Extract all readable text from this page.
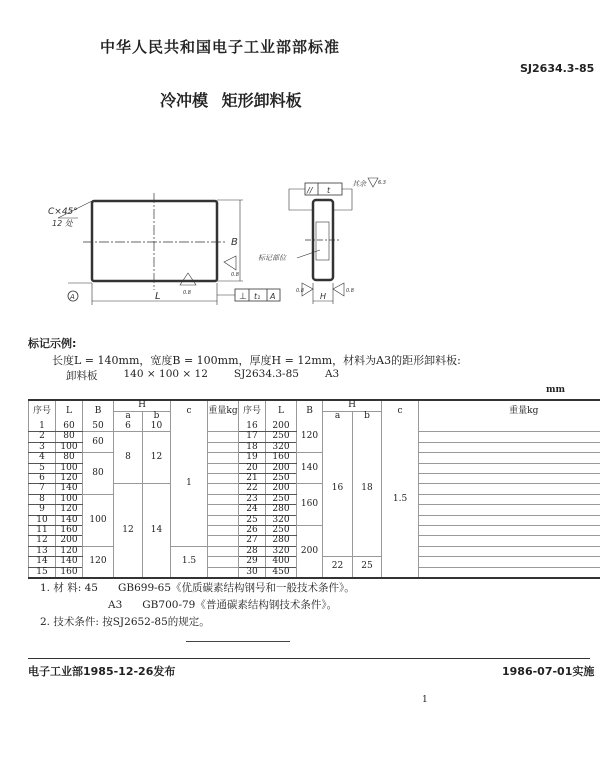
中华人民共和国电子工业部部标准
SJ2634.3-85
冷冲模 矩形卸料板
C×45°
12 处
B
L
A	0.8
0.8
⊥ t₁ A
// t
其余 6.3
标记部位
H
0.8	0.8
标记示例:
长度L = 140mm，宽度B = 100mm，厚度H = 12mm，材料为A3的距形卸料板:
卸料板 140 × 100 × 12 SJ2634.3-85 A3
mm
序号	L	B	H		c	重量kg	序号	L	B	H		c	重量kg
			a	b						a	b		
1	60	50	6	10	1		16	200	120	16	18	1.5	
2	80	60	8	12			17	250					
3	100						18	320					
4	80	80					19	160	140				
5	100						20	200					
6	120						21	250					
7	140		12	14			22	200	160				
8	100	100					23	250					
9	120						24	280					
10	140						25	320					
11	160						26	250	200				
12	200						27	280					
13	120	120			1.5		28	320					
14	140						29	400		22	25		
15	160						30	450					
1. 材 料: 45 GB699-65《优质碳素结构钢号和一般技术条件》。
A3 GB700-79《普通碳素结构钢技术条件》。
2. 技术条件: 按SJ2652-85的规定。
电子工业部1985-12-26发布	1986-07-01实施
1
